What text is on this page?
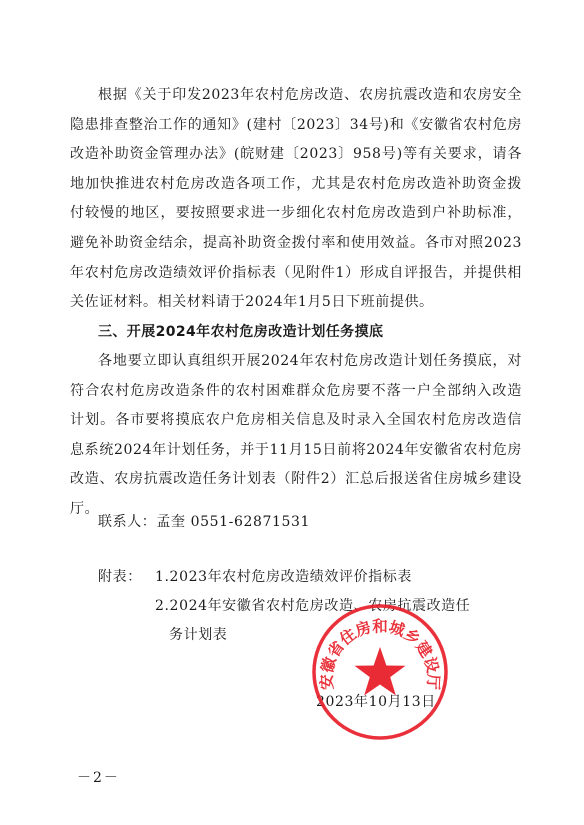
根据《关于印发2023年农村危房改造、农房抗震改造和农房安全隐患排查整治工作的通知》(建村〔2023〕34号)和《安徽省农村危房改造补助资金管理办法》(皖财建〔2023〕958号)等有关要求，请各地加快推进农村危房改造各项工作，尤其是农村危房改造补助资金拨付较慢的地区，要按照要求进一步细化农村危房改造到户补助标准，避免补助资金结余，提高补助资金拨付率和使用效益。各市对照2023年农村危房改造绩效评价指标表（见附件1）形成自评报告，并提供相关佐证材料。相关材料请于2024年1月5日下班前提供。

三、开展2024年农村危房改造计划任务摸底

各地要立即认真组织开展2024年农村危房改造计划任务摸底，对符合农村危房改造条件的农村困难群众危房要不落一户全部纳入改造计划。各市要将摸底农户危房相关信息及时录入全国农村危房改造信息系统2024年计划任务，并于11月15日前将2024年安徽省农村危房改造、农房抗震改造任务计划表（附件2）汇总后报送省住房城乡建设厅。

联系人：孟奎 0551-62871531
附表： 1.2023年农村危房改造绩效评价指标表
2.2024年安徽省农村危房改造、农房抗震改造任
务计划表
2023年10月13日
安徽省住房和城乡建设厅
－2－
